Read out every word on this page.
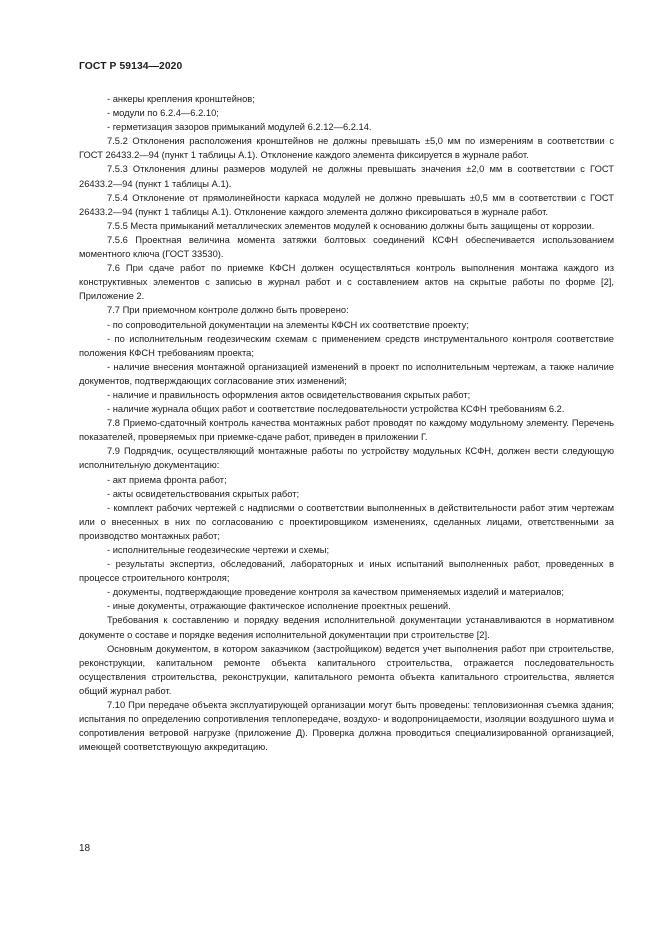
ГОСТ Р 59134—2020

- анкеры крепления кронштейнов;

- модули по 6.2.4—6.2.10;

- герметизация зазоров примыканий модулей 6.2.12—6.2.14.

7.5.2 Отклонения расположения кронштейнов не должны превышать ±5,0 мм по измерениям в соответствии с ГОСТ 26433.2—94 (пункт 1 таблицы А.1). Отклонение каждого элемента фиксируется в журнале работ.

7.5.3 Отклонения длины размеров модулей не должны превышать значения ±2,0 мм в соответствии с ГОСТ 26433.2—94 (пункт 1 таблицы А.1).

7.5.4 Отклонение от прямолинейности каркаса модулей не должно превышать ±0,5 мм в соответствии с ГОСТ 26433.2—94 (пункт 1 таблицы А.1). Отклонение каждого элемента должно фиксироваться в журнале работ.

7.5.5 Места примыканий металлических элементов модулей к основанию должны быть защищены от коррозии.

7.5.6 Проектная величина момента затяжки болтовых соединений КСФН обеспечивается использованием моментного ключа (ГОСТ 33530).

7.6 При сдаче работ по приемке КФСН должен осуществляться контроль выполнения монтажа каждого из конструктивных элементов с записью в журнал работ и с составлением актов на скрытые работы по форме [2], Приложение 2.

7.7 При приемочном контроле должно быть проверено:

- по сопроводительной документации на элементы КФСН их соответствие проекту;

- по исполнительным геодезическим схемам с применением средств инструментального контроля соответствие положения КФСН требованиям проекта;

- наличие внесения монтажной организацией изменений в проект по исполнительным чертежам, а также наличие документов, подтверждающих согласование этих изменений;

- наличие и правильность оформления актов освидетельствования скрытых работ;

- наличие журнала общих работ и соответствие последовательности устройства КСФН требованиям 6.2.

7.8 Приемо-сдаточный контроль качества монтажных работ проводят по каждому модульному элементу. Перечень показателей, проверяемых при приемке-сдаче работ, приведен в приложении Г.

7.9 Подрядчик, осуществляющий монтажные работы по устройству модульных КСФН, должен вести следующую исполнительную документацию:

- акт приема фронта работ;

- акты освидетельствования скрытых работ;

- комплект рабочих чертежей с надписями о соответствии выполненных в действительности работ этим чертежам или о внесенных в них по согласованию с проектировщиком изменениях, сделанных лицами, ответственными за производство монтажных работ;

- исполнительные геодезические чертежи и схемы;

- результаты экспертиз, обследований, лабораторных и иных испытаний выполненных работ, проведенных в процессе строительного контроля;

- документы, подтверждающие проведение контроля за качеством применяемых изделий и материалов;

- иные документы, отражающие фактическое исполнение проектных решений.

Требования к составлению и порядку ведения исполнительной документации устанавливаются в нормативном документе о составе и порядке ведения исполнительной документации при строительстве [2].

Основным документом, в котором заказчиком (застройщиком) ведется учет выполнения работ при строительстве, реконструкции, капитальном ремонте объекта капитального строительства, отражается последовательность осуществления строительства, реконструкции, капитального ремонта объекта капитального строительства, является общий журнал работ.

7.10 При передаче объекта эксплуатирующей организации могут быть проведены: тепловизионная съемка здания; испытания по определению сопротивления теплопередаче, воздухо- и водопроницаемости, изоляции воздушного шума и сопротивления ветровой нагрузке (приложение Д). Проверка должна проводиться специализированной организацией, имеющей соответствующую аккредитацию.

18
